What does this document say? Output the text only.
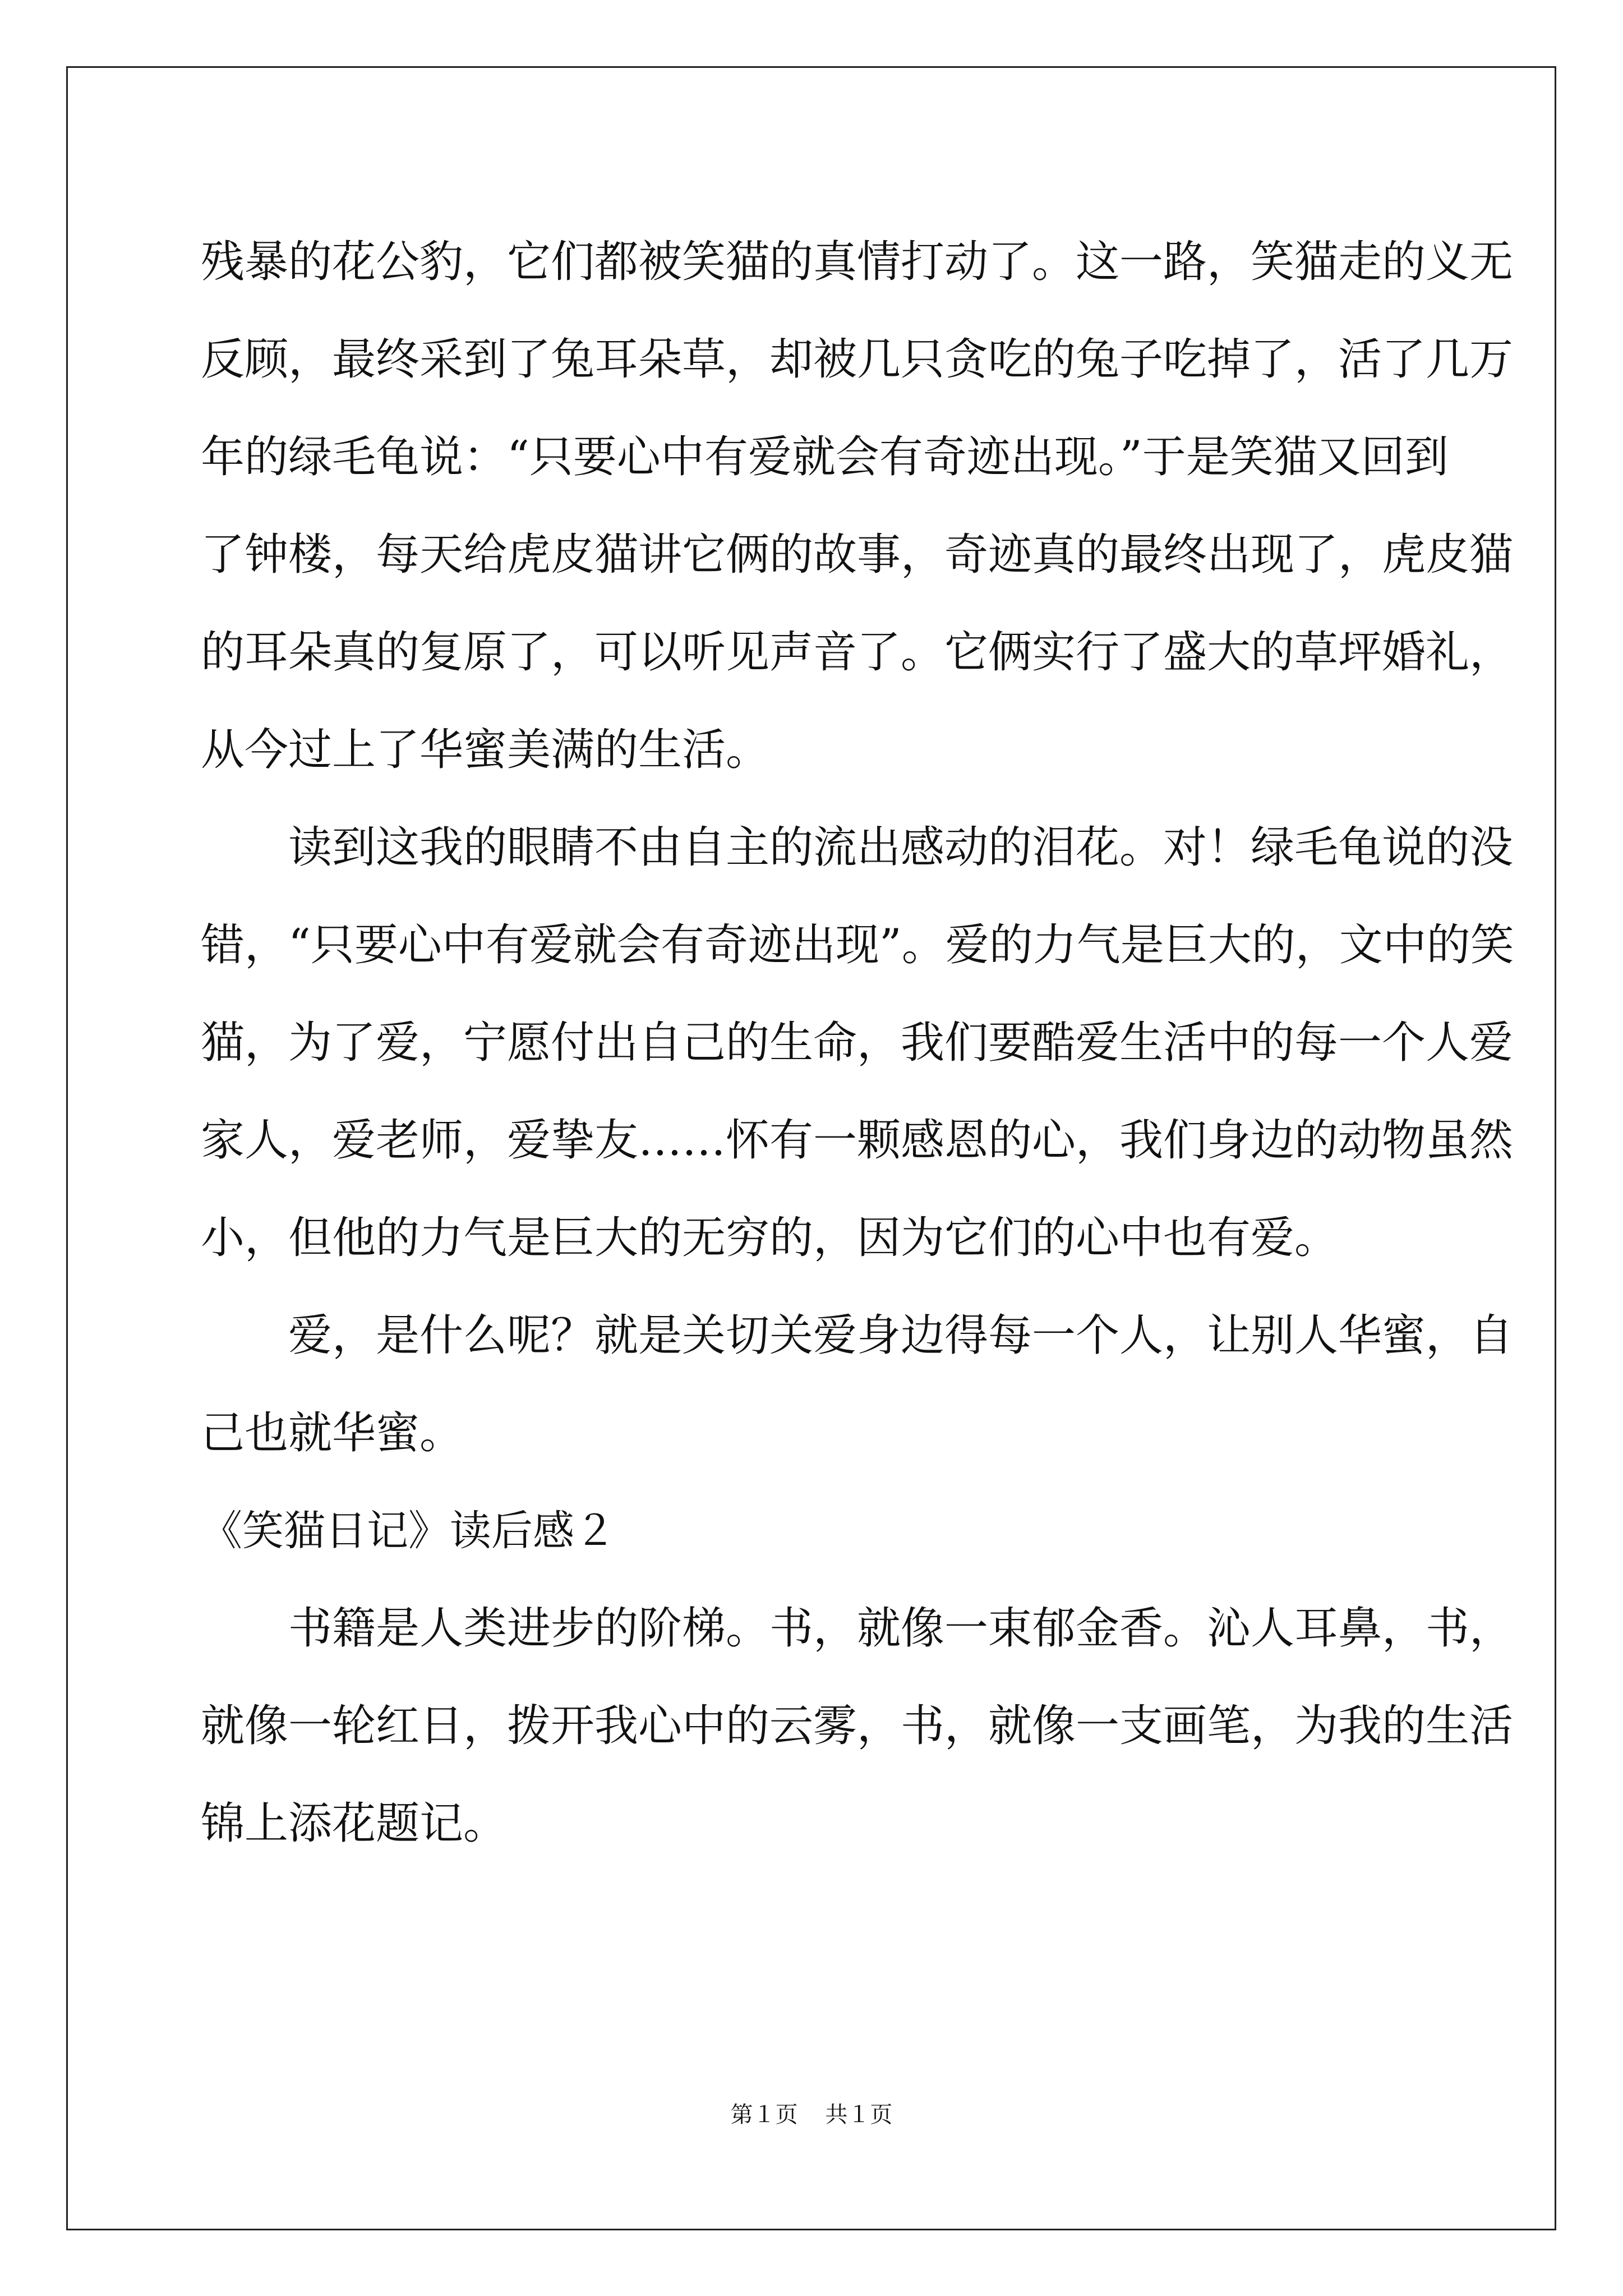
残暴的花公豹，它们都被笑猫的真情打动了。这一路，笑猫走的义无
反顾，最终采到了兔耳朵草，却被几只贪吃的兔子吃掉了，活了几万
年的绿毛龟说：“只要心中有爱就会有奇迹出现。”于是笑猫又回到
了钟楼，每天给虎皮猫讲它俩的故事，奇迹真的最终出现了，虎皮猫
的耳朵真的复原了，可以听见声音了。它俩实行了盛大的草坪婚礼，
从今过上了华蜜美满的生活。

读到这我的眼睛不由自主的流出感动的泪花。对！绿毛龟说的没
错，“只要心中有爱就会有奇迹出现”。爱的力气是巨大的，文中的笑
猫，为了爱，宁愿付出自己的生命，我们要酷爱生活中的每一个人爱
家人，爱老师，爱挚友……怀有一颗感恩的心，我们身边的动物虽然
小，但他的力气是巨大的无穷的，因为它们的心中也有爱。

爱，是什么呢？就是关切关爱身边得每一个人，让别人华蜜，自
己也就华蜜。

《笑猫日记》读后感２

书籍是人类进步的阶梯。书，就像一束郁金香。沁人耳鼻，书，
就像一轮红日，拨开我心中的云雾，书，就像一支画笔，为我的生活
锦上添花题记。

第１页 共１页
